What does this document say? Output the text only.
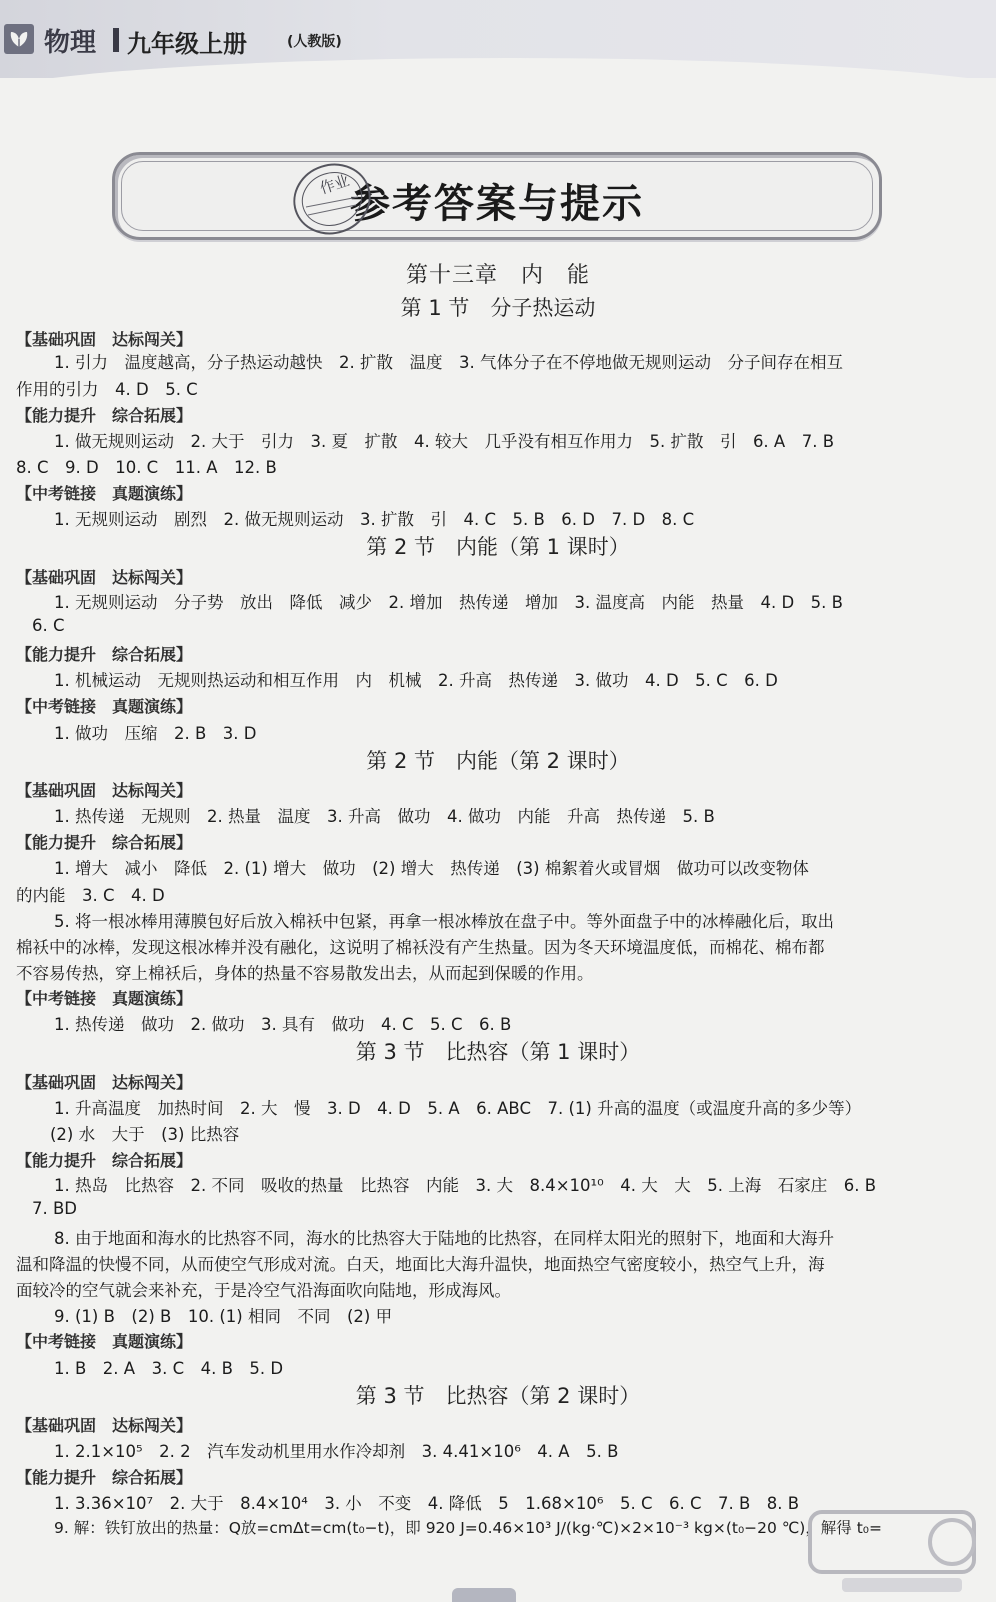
物理 九年级上册	(人教版)
参考答案与提示
作业
第十三章　内　能
第 1 节　分子热运动
第 2 节　内能（第 1 课时）
第 2 节　内能（第 2 课时）
第 3 节　比热容（第 1 课时）
第 3 节　比热容（第 2 课时）
【基础巩固　达标闯关】
1. 引力　温度越高，分子热运动越快　2. 扩散　温度　3. 气体分子在不停地做无规则运动　分子间存在相互
作用的引力　4. D　5. C
【能力提升　综合拓展】
1. 做无规则运动　2. 大于　引力　3. 夏　扩散　4. 较大　几乎没有相互作用力　5. 扩散　引　6. A　7. B
8. C　9. D　10. C　11. A　12. B
【中考链接　真题演练】
1. 无规则运动　剧烈　2. 做无规则运动　3. 扩散　引　4. C　5. B　6. D　7. D　8. C
【基础巩固　达标闯关】
1. 无规则运动　分子势　放出　降低　减少　2. 增加　热传递　增加　3. 温度高　内能　热量　4. D　5. B
6. C
【能力提升　综合拓展】
1. 机械运动　无规则热运动和相互作用　内　机械　2. 升高　热传递　3. 做功　4. D　5. C　6. D
【中考链接　真题演练】
1. 做功　压缩　2. B　3. D
【基础巩固　达标闯关】
1. 热传递　无规则　2. 热量　温度　3. 升高　做功　4. 做功　内能　升高　热传递　5. B
【能力提升　综合拓展】
1. 增大　减小　降低　2. (1) 增大　做功　(2) 增大　热传递　(3) 棉絮着火或冒烟　做功可以改变物体
的内能　3. C　4. D
5. 将一根冰棒用薄膜包好后放入棉袄中包紧，再拿一根冰棒放在盘子中。等外面盘子中的冰棒融化后，取出
棉袄中的冰棒，发现这根冰棒并没有融化，这说明了棉袄没有产生热量。因为冬天环境温度低，而棉花、棉布都
不容易传热，穿上棉袄后，身体的热量不容易散发出去，从而起到保暖的作用。
【中考链接　真题演练】
1. 热传递　做功　2. 做功　3. 具有　做功　4. C　5. C　6. B
【基础巩固　达标闯关】
1. 升高温度　加热时间　2. 大　慢　3. D　4. D　5. A　6. ABC　7. (1) 升高的温度（或温度升高的多少等）
(2) 水　大于　(3) 比热容
【能力提升　综合拓展】
1. 热岛　比热容　2. 不同　吸收的热量　比热容　内能　3. 大　8.4×10¹⁰　4. 大　大　5. 上海　石家庄　6. B
7. BD
8. 由于地面和海水的比热容不同，海水的比热容大于陆地的比热容，在同样太阳光的照射下，地面和大海升
温和降温的快慢不同，从而使空气形成对流。白天，地面比大海升温快，地面热空气密度较小，热空气上升，海
面较冷的空气就会来补充，于是冷空气沿海面吹向陆地，形成海风。
9. (1) B　(2) B　10. (1) 相同　不同　(2) 甲
【中考链接　真题演练】
1. B　2. A　3. C　4. B　5. D
【基础巩固　达标闯关】
1. 2.1×10⁵　2. 2　汽车发动机里用水作冷却剂　3. 4.41×10⁶　4. A　5. B
【能力提升　综合拓展】
1. 3.36×10⁷　2. 大于　8.4×10⁴　3. 小　不变　4. 降低　5　1.68×10⁶　5. C　6. C　7. B　8. B
9. 解：铁钉放出的热量：Q放=cmΔt=cm(t₀−t)，即 920 J=0.46×10³ J/(kg·℃)×2×10⁻³ kg×(t₀−20 ℃)，解得 t₀=
